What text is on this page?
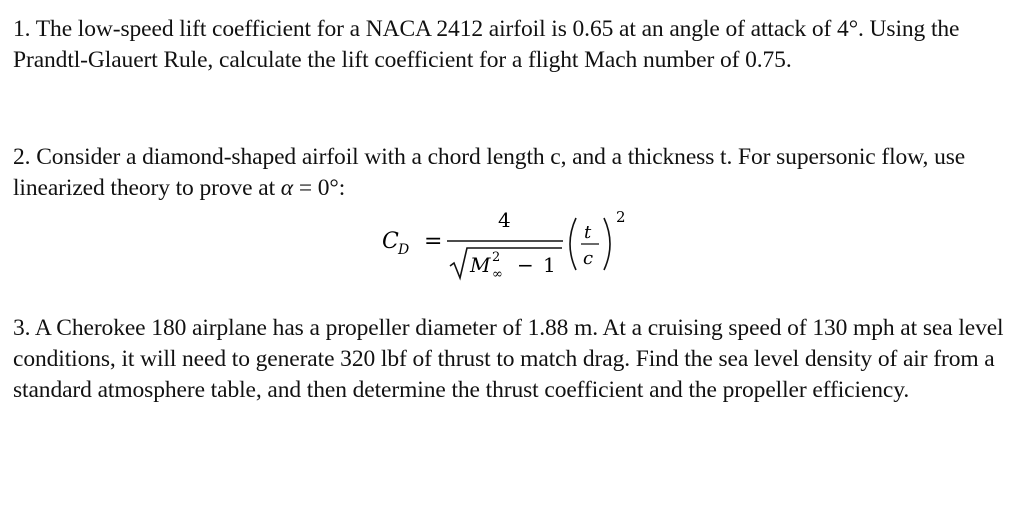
1. The low-speed lift coefficient for a NACA 2412 airfoil is 0.65 at an angle of attack of 4°. Using the Prandtl-Glauert Rule, calculate the lift coefficient for a flight Mach number of 0.75.
2. Consider a diamond-shaped airfoil with a chord length c, and a thickness t. For supersonic flow, use linearized theory to prove at α = 0°:
C D =
4
M 2
∞ − 1
t
c
2
3. A Cherokee 180 airplane has a propeller diameter of 1.88 m. At a cruising speed of 130 mph at sea level conditions, it will need to generate 320 lbf of thrust to match drag. Find the sea level density of air from a standard atmosphere table, and then determine the thrust coefficient and the propeller efficiency.
